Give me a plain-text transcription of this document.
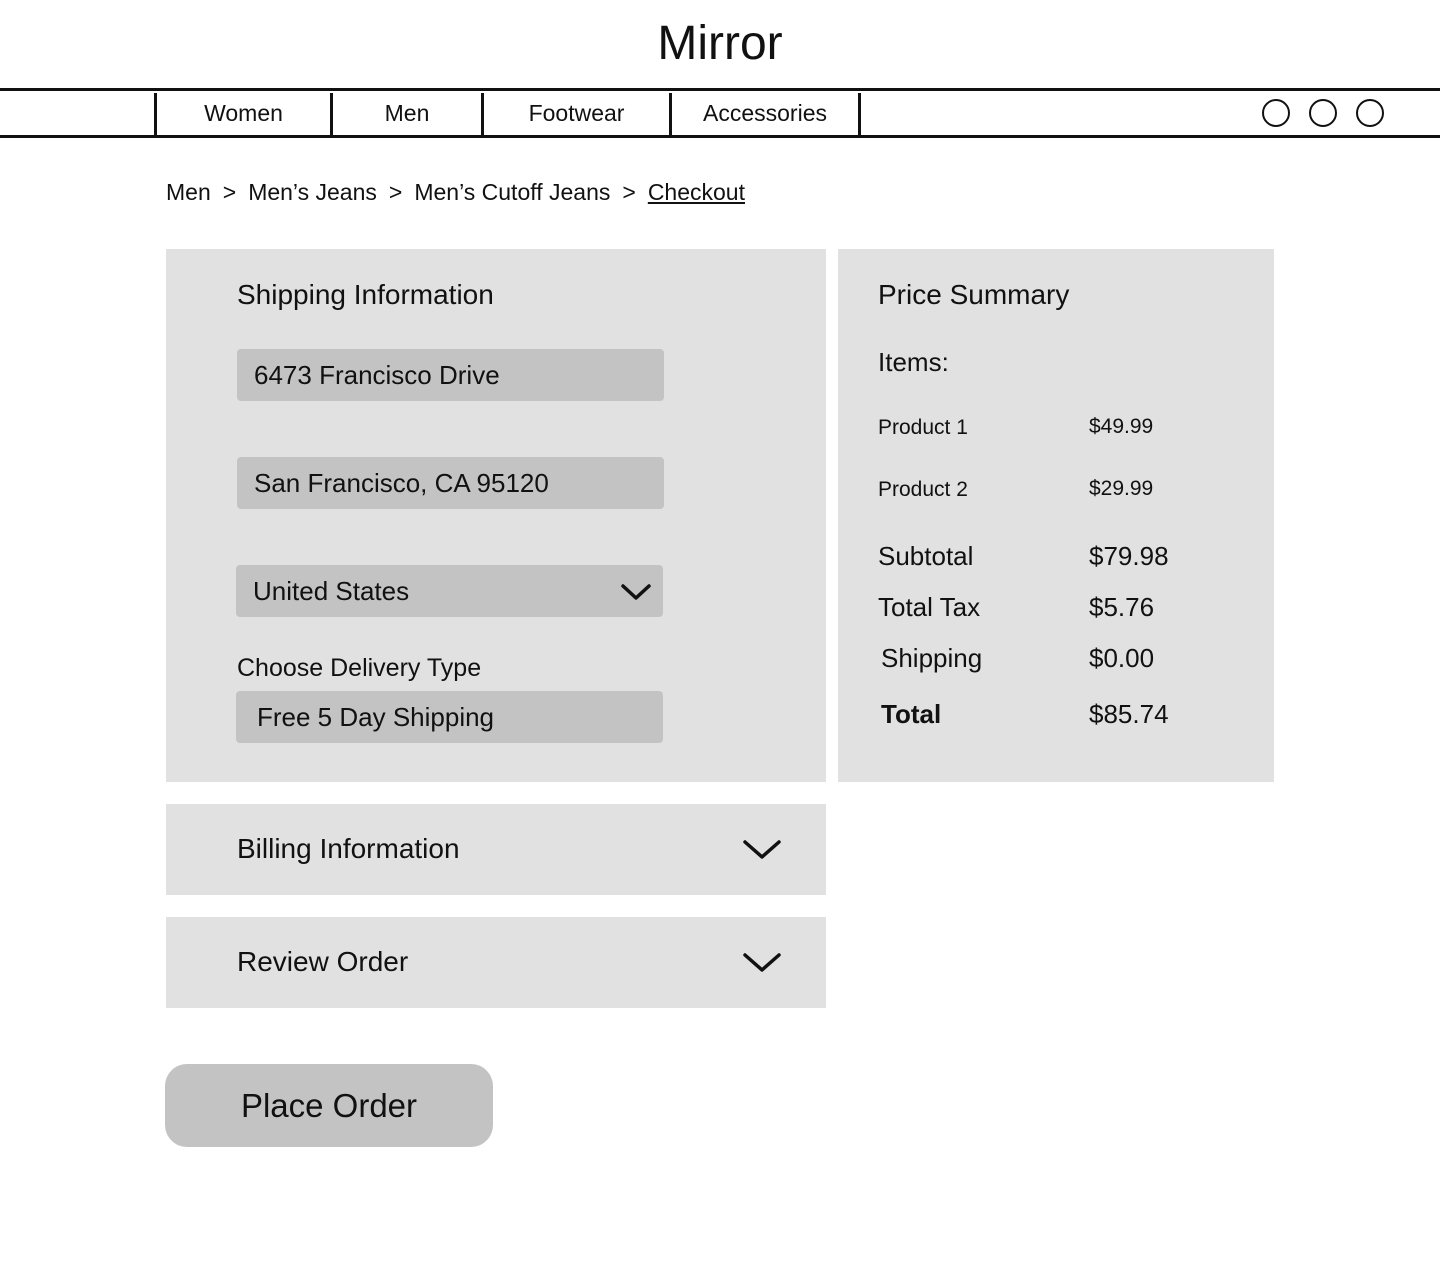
Mirror
Women	Men	Footwear	Accessories
Men > Men’s Jeans > Men’s Cutoff Jeans > Checkout
Shipping Information
6473 Francisco Drive
San Francisco, CA 95120
United States
Choose Delivery Type
Free 5 Day Shipping
Price Summary
Items:
Product 1	$49.99
Product 2	$29.99
Subtotal	$79.98
Total Tax	$5.76
Shipping	$0.00
Total	$85.74
Billing Information
Review Order
Place Order
